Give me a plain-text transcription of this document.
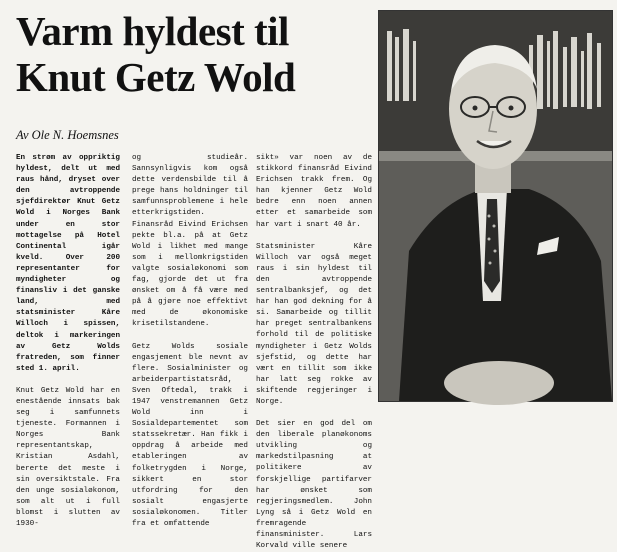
Varm hyldest til
Knut Getz Wold
Av Ole N. Hoemsnes

En strøm av oppriktig hyldest, delt ut med raus hånd, dryset over den avtroppende sjefdirektør Knut Getz Wold i Norges Bank under en stor mottagelse på Hotel Continental igår kveld. Over 200 representanter for myndigheter og finansliv i det ganske land, med statsminister Kåre Willoch i spissen, deltok i markeringen av Getz Wolds fratreden, som finner sted 1. april.

Knut Getz Wold har en enestående innsats bak seg i samfunnets tjeneste. Formannen i Norges Bank representantskap, Kristian Asdahl, bererte det meste i sin oversiktstale. Fra den unge sosialøkonom, som alt ut i full blomst i slutten av 1930-

og studieår. Sannsynligvis kom også dette verdensbilde til å prege hans holdninger til samfunnsproblemene i hele etterkrigstiden. Finansråd Eivind Erichsen pekte bl.a. på at Getz Wold i likhet med mange som i mellomkrigstiden valgte sosialøkonomi som fag, gjorde det ut fra ønsket om å få være med på å gjøre noe effektivt med de økonomiske krisetilstandene.

Getz Wolds sosiale engasjement ble nevnt av flere. Sosialminister og arbeiderpartistatsråd, Sven Oftedal, trakk i 1947 venstremannen Getz Wold inn i Sosialdepartementet som statssekretær. Han fikk i oppdrag å arbeide med etableringen av folketrygden i Norge, sikkert en stor utfordring for den sosialt engasjerte sosialøkonomen. Titler fra et omfattende

sikt» var noen av de stikkord finansråd Eivind Erichsen trakk frem. Og han kjenner Getz Wold bedre enn noen annen etter et samarbeide som har vart i snart 40 år.

Statsminister Kåre Willoch var også meget raus i sin hyldest til den avtroppende sentralbanksjef, og det har han god dekning for å si. Samarbeide og tillit har preget sentralbankens forhold til de politiske myndigheter i Getz Wolds sjefstid, og dette har vært en tillit som ikke har latt seg rokke av skiftende regjeringer i Norge.

Det sier en god del om den liberale planøkonoms utvikling og markedstilpasning at politikere av forskjellige partifarver har ønsket som regjeringsmedlem. John Lyng så i Getz Wold en fremragende finansminister. Lars Korvald ville senere
